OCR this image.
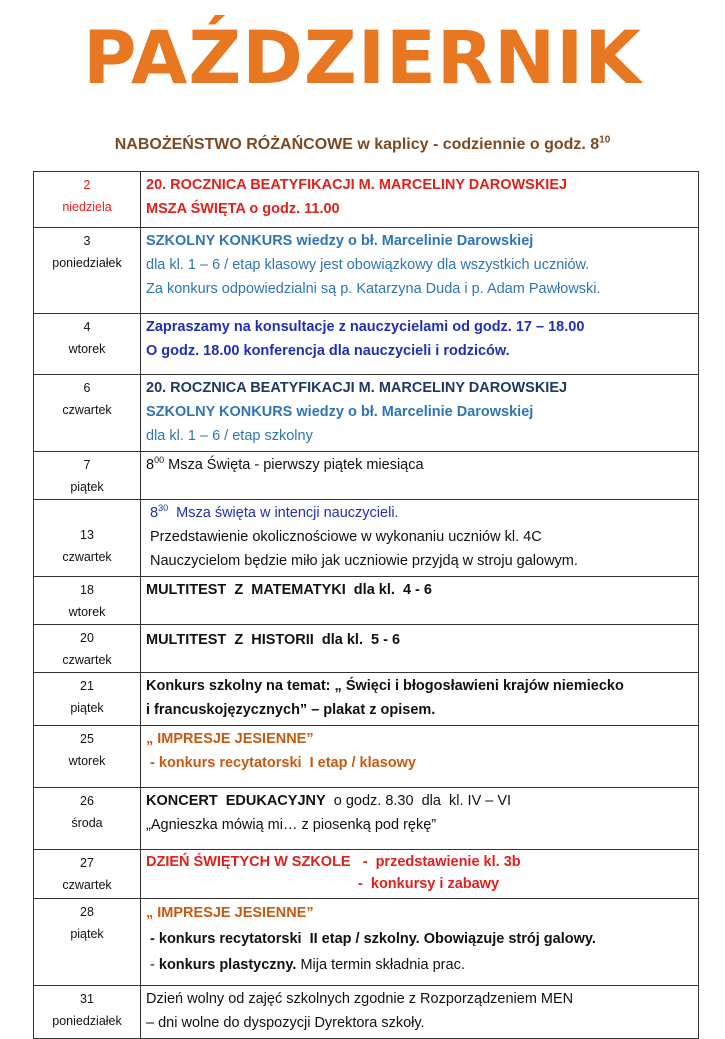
PAŹDZIERNIK
NABOŻEŃSTWO RÓŻAŃCOWE w kaplicy - codziennie o godz. $8^{10}$
2
niedziela	20. ROCZNICA BEATYFIKACJI M. MARCELINY DAROWSKIEJ
MSZA ŚWIĘTA o godz. 11.00

3
poniedziałek	SZKOLNY KONKURS wiedzy o bł. Marcelinie Darowskiej
dla kl. 1 – 6 / etap klasowy jest obowiązkowy dla wszystkich uczniów.
Za konkurs odpowiedzialni są p. Katarzyna Duda i p. Adam Pawłowski.

4
wtorek	Zapraszamy na konsultacje z nauczycielami od godz. 17 – 18.00
O godz. 18.00 konferencja dla nauczycieli i rodziców.

6
czwartek	20. ROCZNICA BEATYFIKACJI M. MARCELINY DAROWSKIEJ
SZKOLNY KONKURS wiedzy o bł. Marcelinie Darowskiej
dla kl. 1 – 6 / etap szkolny

7
piątek	$8^{00}$ Msza Święta - pierwszy piątek miesiąca

13
czwartek	$8^{30}$  Msza święta w intencji nauczycieli.
Przedstawienie okolicznościowe w wykonaniu uczniów kl. 4C
Nauczycielom będzie miło jak uczniowie przyjdą w stroju galowym.

18
wtorek	MULTITEST  Z  MATEMATYKI  dla kl.  4 - 6

20
czwartek	MULTITEST  Z  HISTORII  dla kl.  5 - 6

21
piątek	Konkurs szkolny na temat: „ Święci i błogosławieni krajów niemiecko
i francuskojęzycznych” – plakat z opisem.

25
wtorek	„ IMPRESJE JESIENNE”
- konkurs recytatorski  I etap / klasowy

26
środa	KONCERT  EDUKACYJNY  o godz. 8.30  dla  kl. IV – VI
„Agnieszka mówią mi… z piosenką pod rękę”

27
czwartek	DZIEŃ ŚWIĘTYCH W SZKOLE   -  przedstawienie kl. 3b
-  konkursy i zabawy

28
piątek	„ IMPRESJE JESIENNE”
- konkurs recytatorski  II etap / szkolny. Obowiązuje strój galowy.
- konkurs plastyczny. Mija termin składnia prac.

31
poniedziałek	Dzień wolny od zajęć szkolnych zgodnie z Rozporządzeniem MEN
– dni wolne do dyspozycji Dyrektora szkoły.
